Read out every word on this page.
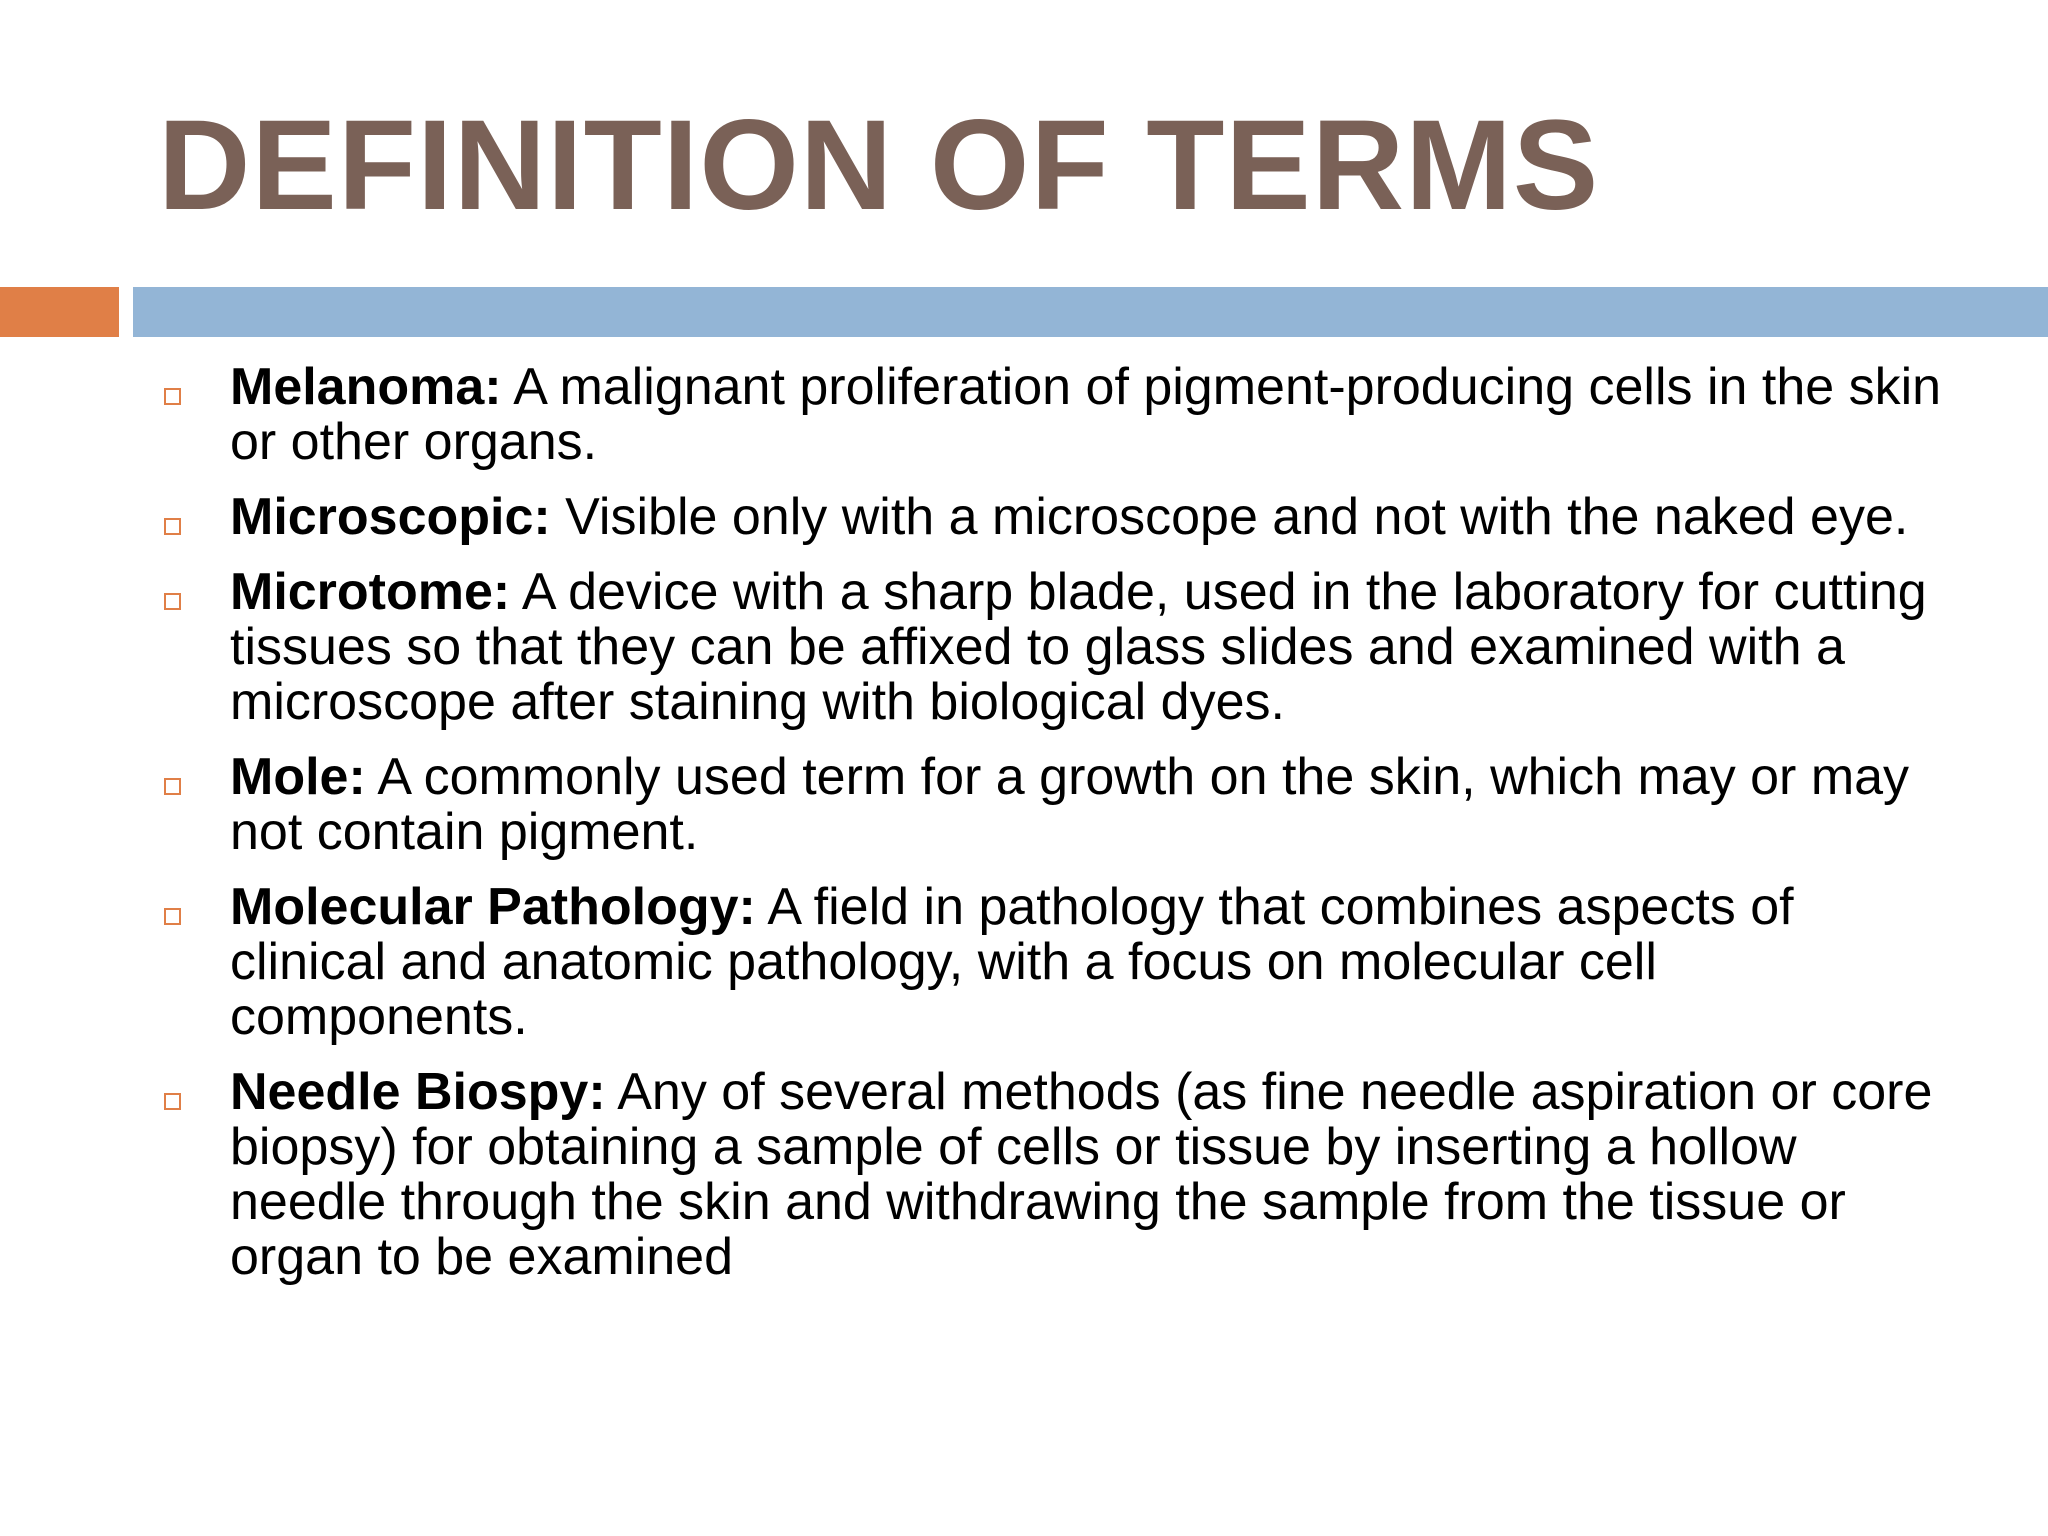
DEFINITION OF TERMS
Melanoma: A malignant proliferation of pigment-producing cells in the skin or other organs.
Microscopic: Visible only with a microscope and not with the naked eye.
Microtome: A device with a sharp blade, used in the laboratory for cutting tissues so that they can be affixed to glass slides and examined with a microscope after staining with biological dyes.
Mole: A commonly used term for a growth on the skin, which may or may not contain pigment.
Molecular Pathology: A field in pathology that combines aspects of clinical and anatomic pathology, with a focus on molecular cell components.
Needle Biospy: Any of several methods (as fine needle aspiration or core biopsy) for obtaining a sample of cells or tissue by inserting a hollow needle through the skin and withdrawing the sample from the tissue or organ to be examined
